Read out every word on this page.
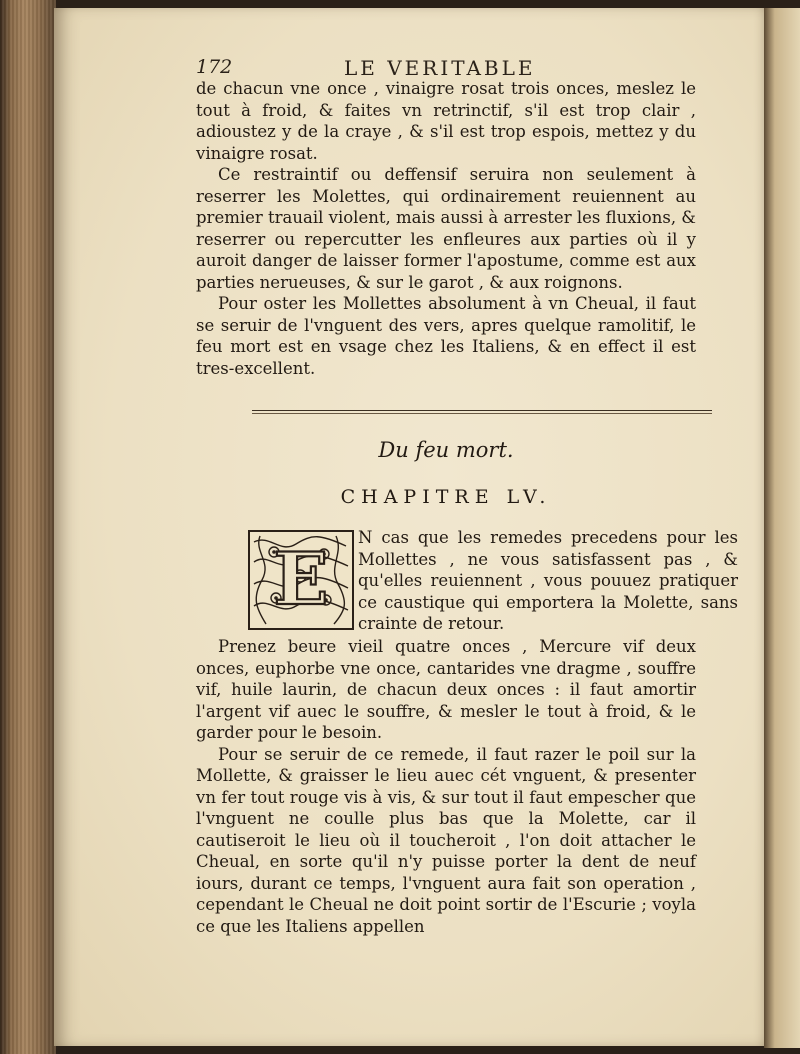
172	LE VERITABLE

de chacun vne once , vinaigre rosat trois onces, meslez le tout à froid, & faites vn retrinctif, s'il est trop clair , adioustez y de la craye , & s'il est trop espois, mettez y du vinaigre rosat.

Ce restraintif ou deffensif seruira non seulement à reserrer les Molettes, qui ordinairement reuiennent au premier trauail violent, mais aussi à arrester les fluxions, & reserrer ou repercutter les enfleures aux parties où il y auroit danger de laisser former l'apostume, comme est aux parties nerueuses, & sur le garot , & aux roignons.

Pour oster les Mollettes absolument à vn Cheual, il faut se seruir de l'vnguent des vers, apres quelque ramolitif, le feu mort est en vsage chez les Italiens, & en effect il est tres-excellent.

Du feu mort.
CHAPITRE LV.
E N cas que les remedes precedens pour les Mollettes , ne vous satisfassent pas , & qu'elles reuiennent , vous pouuez pratiquer ce caustique qui emportera la Molette, sans crainte de retour.

Prenez beure vieil quatre onces , Mercure vif deux onces, euphorbe vne once, cantarides vne dragme , souffre vif, huile laurin, de chacun deux onces : il faut amortir l'argent vif auec le souffre, & mesler le tout à froid, & le garder pour le besoin.

Pour se seruir de ce remede, il faut razer le poil sur la Mollette, & graisser le lieu auec cét vnguent, & presenter vn fer tout rouge vis à vis, & sur tout il faut empescher que l'vnguent ne coulle plus bas que la Molette, car il cautiseroit le lieu où il toucheroit , l'on doit attacher le Cheual, en sorte qu'il n'y puisse porter la dent de neuf iours, durant ce temps, l'vnguent aura fait son operation , cependant le Cheual ne doit point sortir de l'Escurie ; voyla ce que les Italiens appellen
